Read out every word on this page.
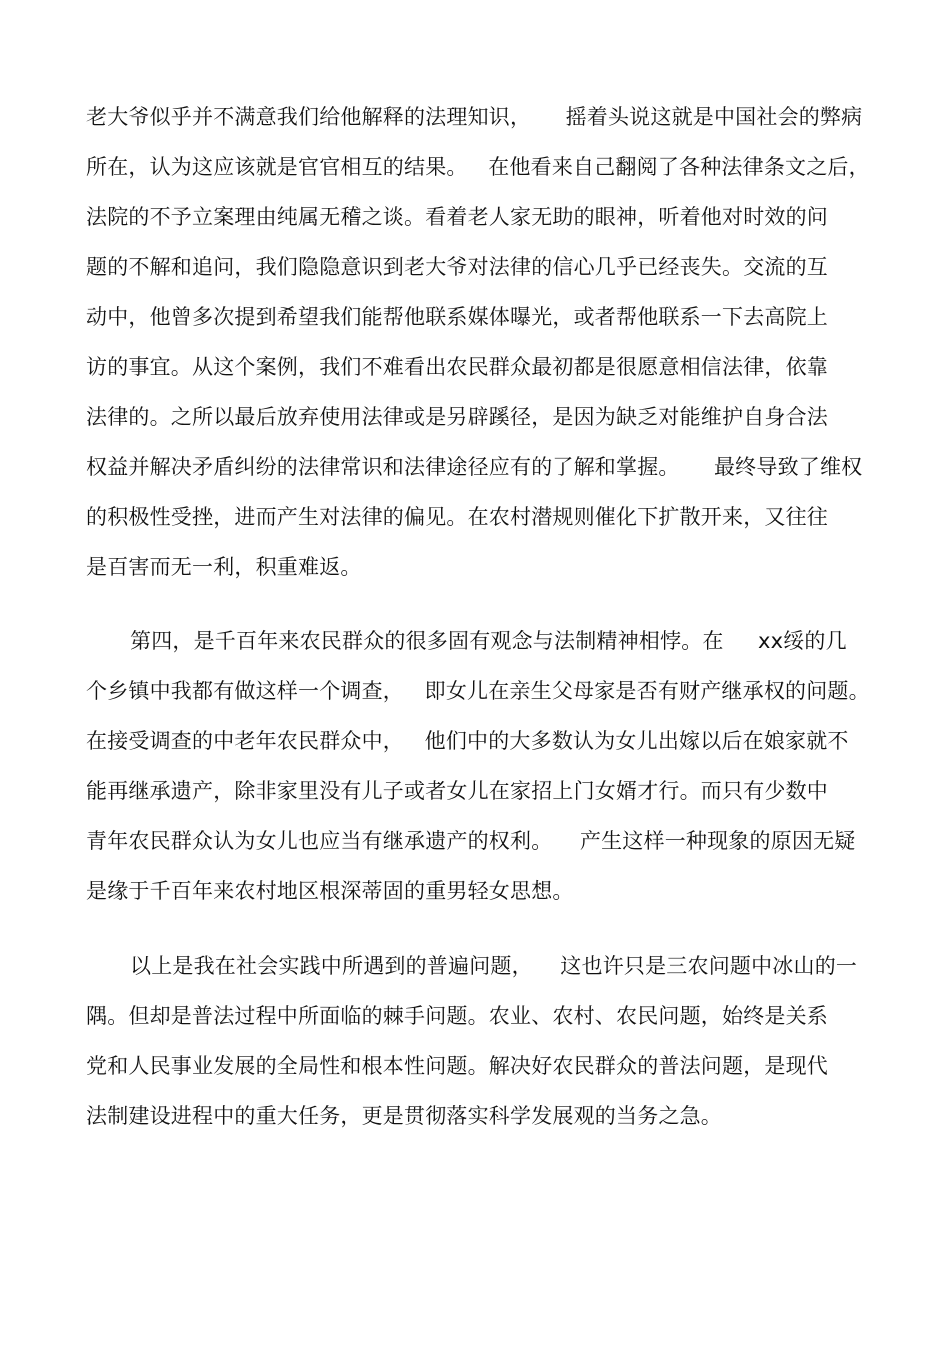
老大爷似乎并不满意我们给他解释的法理知识，     摇着头说这就是中国社会的弊病
所在，认为这应该就是官官相互的结果。   在他看来自己翻阅了各种法律条文之后，
法院的不予立案理由纯属无稽之谈。看着老人家无助的眼神，听着他对时效的问
题的不解和追问，我们隐隐意识到老大爷对法律的信心几乎已经丧失。交流的互
动中，他曾多次提到希望我们能帮他联系媒体曝光，或者帮他联系一下去高院上
访的事宜。从这个案例，我们不难看出农民群众最初都是很愿意相信法律，依靠
法律的。之所以最后放弃使用法律或是另辟蹊径，是因为缺乏对能维护自身合法
权益并解决矛盾纠纷的法律常识和法律途径应有的了解和掌握。     最终导致了维权
的积极性受挫，进而产生对法律的偏见。在农村潜规则催化下扩散开来，又往往
是百害而无一利，积重难返。
第四，是千百年来农民群众的很多固有观念与法制精神相悖。在     xx绥的几
个乡镇中我都有做这样一个调查，   即女儿在亲生父母家是否有财产继承权的问题。
在接受调查的中老年农民群众中，   他们中的大多数认为女儿出嫁以后在娘家就不
能再继承遗产，除非家里没有儿子或者女儿在家招上门女婿才行。而只有少数中
青年农民群众认为女儿也应当有继承遗产的权利。    产生这样一种现象的原因无疑
是缘于千百年来农村地区根深蒂固的重男轻女思想。
以上是我在社会实践中所遇到的普遍问题，    这也许只是三农问题中冰山的一
隅。但却是普法过程中所面临的棘手问题。农业、农村、农民问题，始终是关系
党和人民事业发展的全局性和根本性问题。解决好农民群众的普法问题，是现代
法制建设进程中的重大任务，更是贯彻落实科学发展观的当务之急。
